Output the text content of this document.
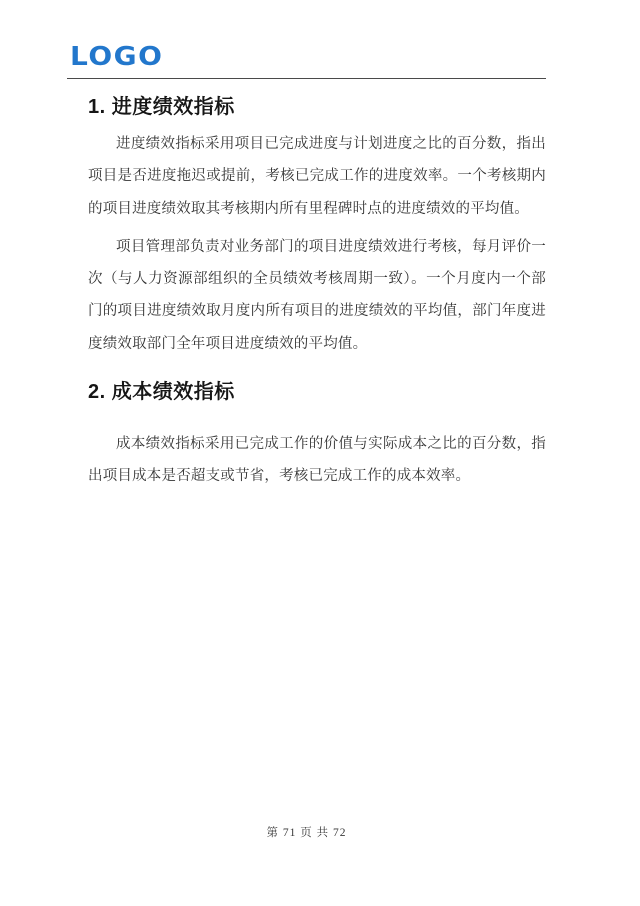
LOGO
1. 进度绩效指标

进度绩效指标采用项目已完成进度与计划进度之比的百分数，指出项目是否进度拖迟或提前，考核已完成工作的进度效率。一个考核期内的项目进度绩效取其考核期内所有里程碑时点的进度绩效的平均值。

项目管理部负责对业务部门的项目进度绩效进行考核，每月评价一次（与人力资源部组织的全员绩效考核周期一致）。一个月度内一个部门的项目进度绩效取月度内所有项目的进度绩效的平均值，部门年度进度绩效取部门全年项目进度绩效的平均值。

2. 成本绩效指标

成本绩效指标采用已完成工作的价值与实际成本之比的百分数，指出项目成本是否超支或节省，考核已完成工作的成本效率。

第 71 页 共 72
